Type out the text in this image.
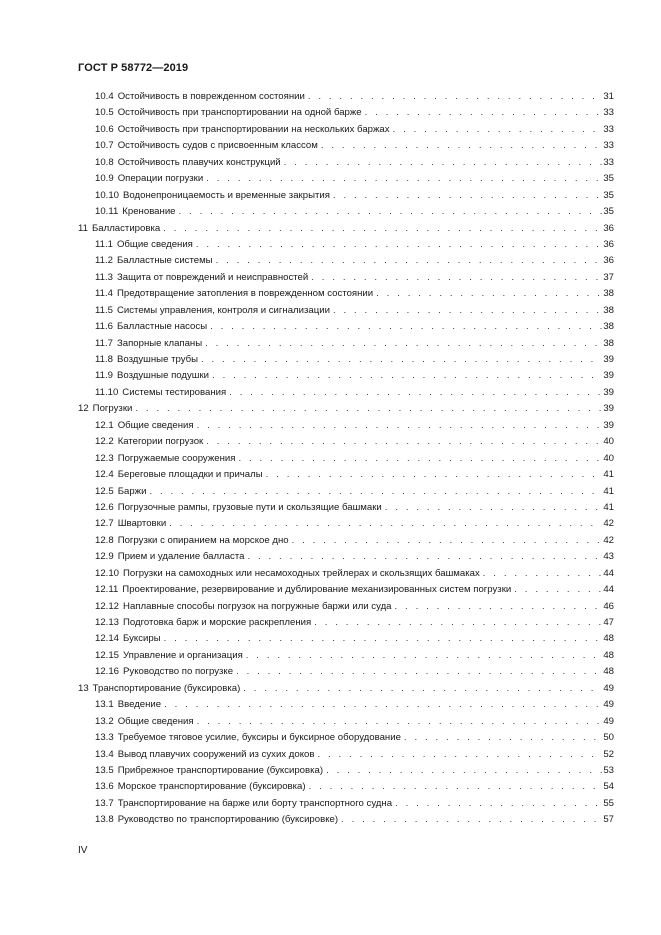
ГОСТ Р 58772—2019
10.4 Остойчивость в поврежденном состоянии . . .	31
10.5 Остойчивость при транспортировании на одной барже . . .	33
10.6 Остойчивость при транспортировании на нескольких баржах . . .	33
10.7 Остойчивость судов с присвоенным классом . . .	33
10.8 Остойчивость плавучих конструкций . . .	33
10.9 Операции погрузки . . .	35
10.10 Водонепроницаемость и временные закрытия . . .	35
10.11 Кренование . . .	35
11 Балластировка . . .	36
11.1 Общие сведения . . .	36
11.2 Балластные системы . . .	36
11.3 Защита от повреждений и неисправностей . . .	37
11.4 Предотвращение затопления в поврежденном состоянии . . .	38
11.5 Системы управления, контроля и сигнализации . . .	38
11.6 Балластные насосы . . .	38
11.7 Запорные клапаны . . .	38
11.8 Воздушные трубы . . .	39
11.9 Воздушные подушки . . .	39
11.10 Системы тестирования . . .	39
12 Погрузки . . .	39
12.1 Общие сведения . . .	39
12.2 Категории погрузок . . .	40
12.3 Погружаемые сооружения . . .	40
12.4 Береговые площадки и причалы . . .	41
12.5 Баржи . . .	41
12.6 Погрузочные рампы, грузовые пути и скользящие башмаки . . .	41
12.7 Швартовки . . .	42
12.8 Погрузки с опиранием на морское дно . . .	42
12.9 Прием и удаление балласта . . .	43
12.10 Погрузки на самоходных или несамоходных трейлерах и скользящих башмаках . . .	44
12.11 Проектирование, резервирование и дублирование механизированных систем погрузки . . .	44
12.12 Наплавные способы погрузок на погружные баржи или суда . . .	46
12.13 Подготовка барж и морские раскрепления . . .	47
12.14 Буксиры . . .	48
12.15 Управление и организация . . .	48
12.16 Руководство по погрузке . . .	48
13 Транспортирование (буксировка) . . .	49
13.1 Введение . . .	49
13.2 Общие сведения . . .	49
13.3 Требуемое тяговое усилие, буксиры и буксирное оборудование . . .	50
13.4 Вывод плавучих сооружений из сухих доков . . .	52
13.5 Прибрежное транспортирование (буксировка) . . .	53
13.6 Морское транспортирование (буксировка) . . .	54
13.7 Транспортирование на барже или борту транспортного судна . . .	55
13.8 Руководство по транспортированию (буксировке) . . .	57
IV
